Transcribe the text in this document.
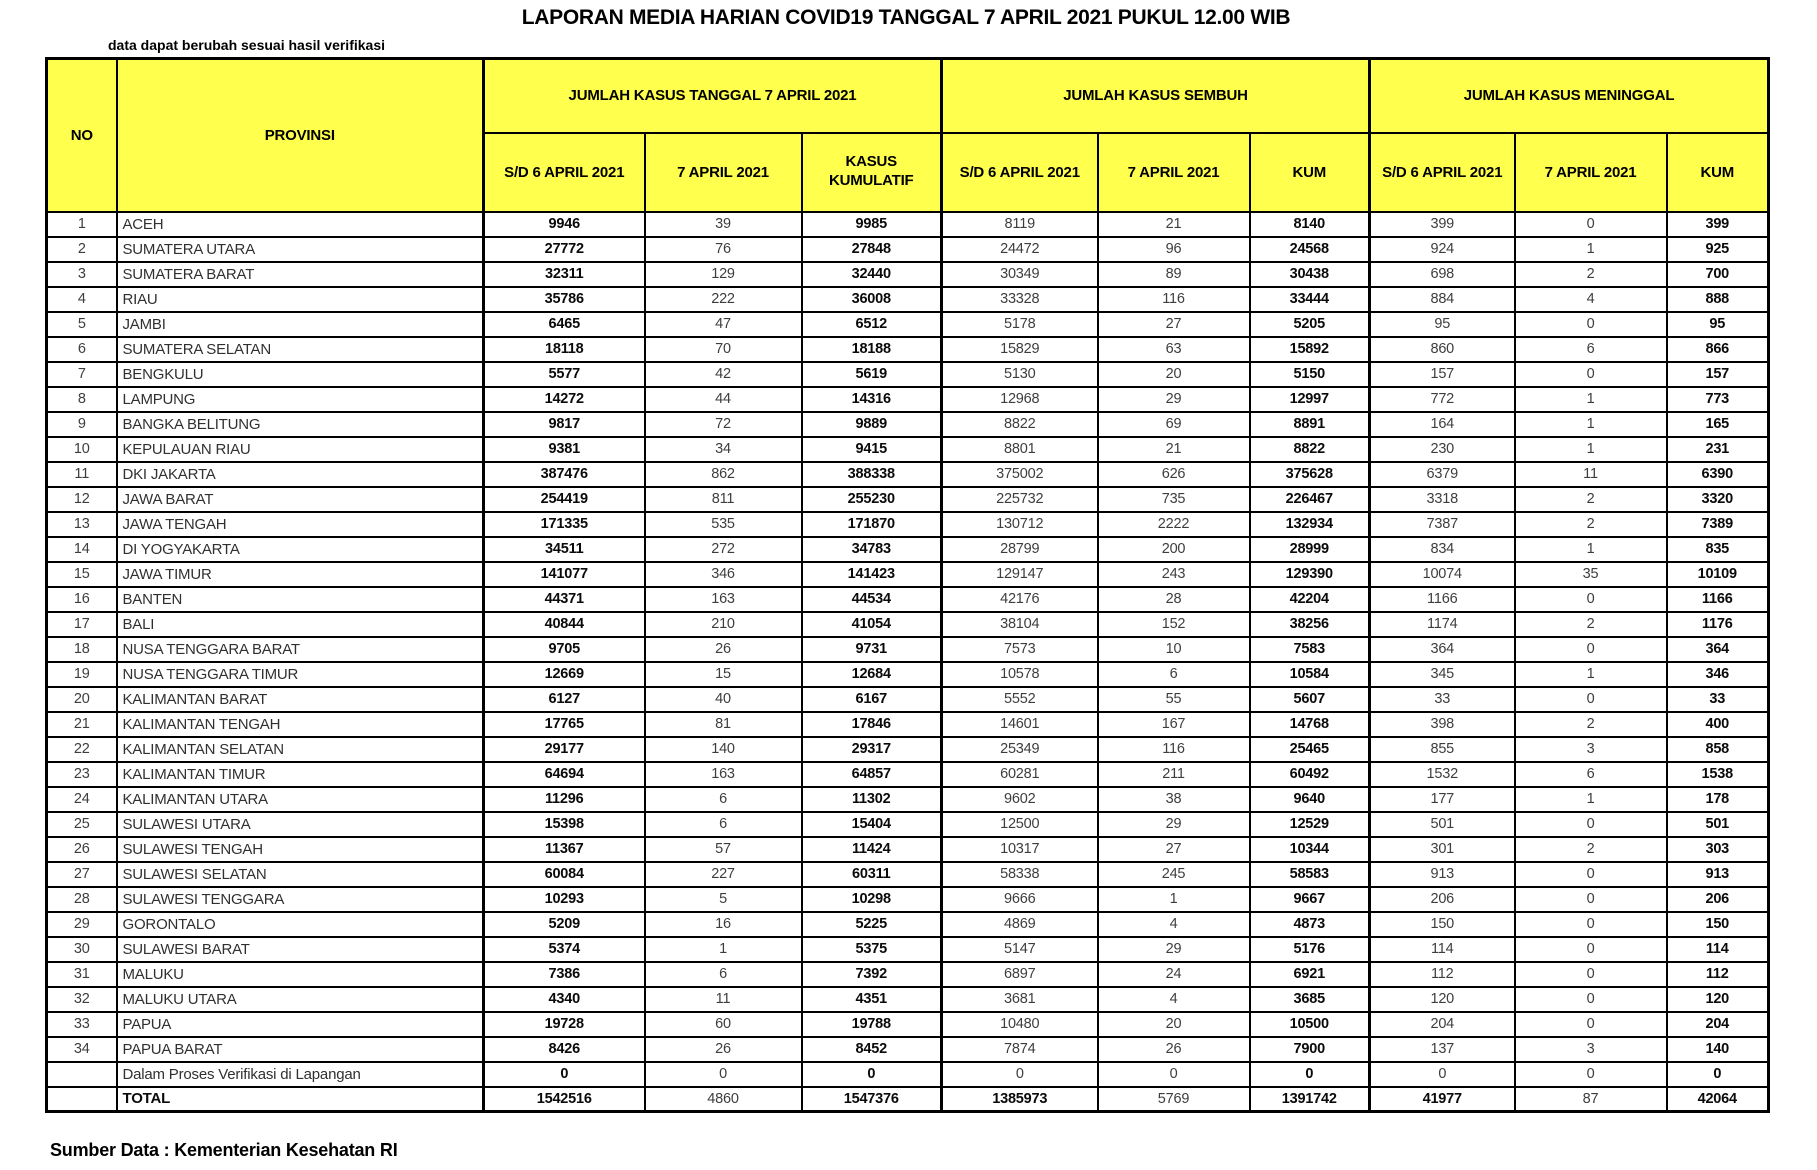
LAPORAN MEDIA HARIAN COVID19 TANGGAL 7 APRIL 2021 PUKUL 12.00 WIB
data dapat berubah sesuai hasil verifikasi
NO	PROVINSI	JUMLAH KASUS TANGGAL 7 APRIL 2021			JUMLAH KASUS SEMBUH			JUMLAH KASUS MENINGGAL		
		S/D 6 APRIL 2021	7 APRIL 2021	KASUS KUMULATIF	S/D 6 APRIL 2021	7 APRIL 2021	KUM	S/D 6 APRIL 2021	7 APRIL 2021	KUM
1	ACEH	9946	39	9985	8119	21	8140	399	0	399
2	SUMATERA UTARA	27772	76	27848	24472	96	24568	924	1	925
3	SUMATERA BARAT	32311	129	32440	30349	89	30438	698	2	700
4	RIAU	35786	222	36008	33328	116	33444	884	4	888
5	JAMBI	6465	47	6512	5178	27	5205	95	0	95
6	SUMATERA SELATAN	18118	70	18188	15829	63	15892	860	6	866
7	BENGKULU	5577	42	5619	5130	20	5150	157	0	157
8	LAMPUNG	14272	44	14316	12968	29	12997	772	1	773
9	BANGKA BELITUNG	9817	72	9889	8822	69	8891	164	1	165
10	KEPULAUAN RIAU	9381	34	9415	8801	21	8822	230	1	231
11	DKI JAKARTA	387476	862	388338	375002	626	375628	6379	11	6390
12	JAWA BARAT	254419	811	255230	225732	735	226467	3318	2	3320
13	JAWA TENGAH	171335	535	171870	130712	2222	132934	7387	2	7389
14	DI YOGYAKARTA	34511	272	34783	28799	200	28999	834	1	835
15	JAWA TIMUR	141077	346	141423	129147	243	129390	10074	35	10109
16	BANTEN	44371	163	44534	42176	28	42204	1166	0	1166
17	BALI	40844	210	41054	38104	152	38256	1174	2	1176
18	NUSA TENGGARA BARAT	9705	26	9731	7573	10	7583	364	0	364
19	NUSA TENGGARA TIMUR	12669	15	12684	10578	6	10584	345	1	346
20	KALIMANTAN BARAT	6127	40	6167	5552	55	5607	33	0	33
21	KALIMANTAN TENGAH	17765	81	17846	14601	167	14768	398	2	400
22	KALIMANTAN SELATAN	29177	140	29317	25349	116	25465	855	3	858
23	KALIMANTAN TIMUR	64694	163	64857	60281	211	60492	1532	6	1538
24	KALIMANTAN UTARA	11296	6	11302	9602	38	9640	177	1	178
25	SULAWESI UTARA	15398	6	15404	12500	29	12529	501	0	501
26	SULAWESI TENGAH	11367	57	11424	10317	27	10344	301	2	303
27	SULAWESI SELATAN	60084	227	60311	58338	245	58583	913	0	913
28	SULAWESI TENGGARA	10293	5	10298	9666	1	9667	206	0	206
29	GORONTALO	5209	16	5225	4869	4	4873	150	0	150
30	SULAWESI BARAT	5374	1	5375	5147	29	5176	114	0	114
31	MALUKU	7386	6	7392	6897	24	6921	112	0	112
32	MALUKU UTARA	4340	11	4351	3681	4	3685	120	0	120
33	PAPUA	19728	60	19788	10480	20	10500	204	0	204
34	PAPUA BARAT	8426	26	8452	7874	26	7900	137	3	140
	Dalam Proses Verifikasi di Lapangan	0	0	0	0	0	0	0	0	0
	TOTAL	1542516	4860	1547376	1385973	5769	1391742	41977	87	42064
Sumber Data : Kementerian Kesehatan RI
